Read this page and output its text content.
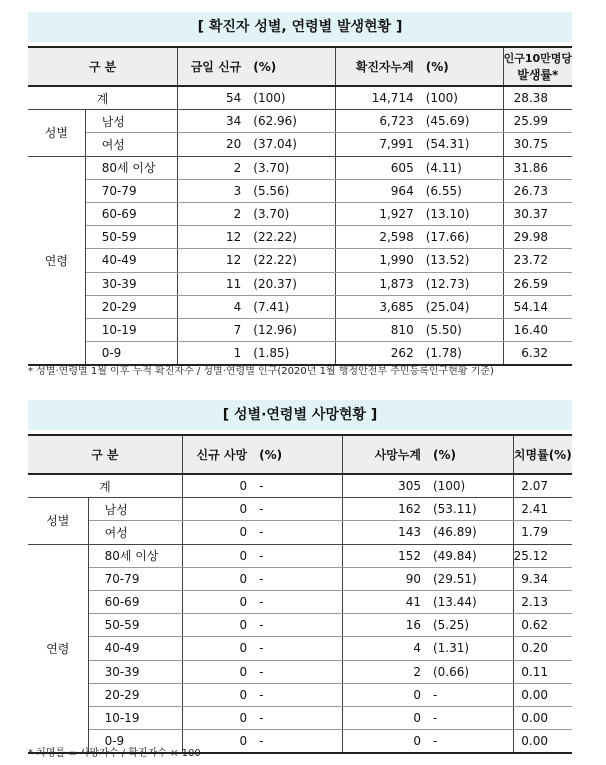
[ 확진자 성별, 연령별 발생현황 ]
구 분		금일 신규	(%)	확진자누계	(%)	인구10만명당
발생률*

계		54	(100)	14,714	(100)	28.38
성별	남성	34	(62.96)	6,723	(45.69)	25.99
	여성	20	(37.04)	7,991	(54.31)	30.75
연령	80세 이상	2	(3.70)	605	(4.11)	31.86
	70-79	3	(5.56)	964	(6.55)	26.73
	60-69	2	(3.70)	1,927	(13.10)	30.37
	50-59	12	(22.22)	2,598	(17.66)	29.98
	40-49	12	(22.22)	1,990	(13.52)	23.72
	30-39	11	(20.37)	1,873	(12.73)	26.59
	20-29	4	(7.41)	3,685	(25.04)	54.14
	10-19	7	(12.96)	810	(5.50)	16.40
	0-9	1	(1.85)	262	(1.78)	6.32
* 성별·연령별 1월 이후 누적 확진자수 / 성별·연령별 인구(2020년 1월 행정안전부 주민등록인구현황 기준)
[ 성별·연령별 사망현황 ]
구 분		신규 사망	(%)	사망누계	(%)	치명률(%)
계		0	-	305	(100)	2.07
성별	남성	0	-	162	(53.11)	2.41
	여성	0	-	143	(46.89)	1.79
연령	80세 이상	0	-	152	(49.84)	25.12
	70-79	0	-	90	(29.51)	9.34
	60-69	0	-	41	(13.44)	2.13
	50-59	0	-	16	(5.25)	0.62
	40-49	0	-	4	(1.31)	0.20
	30-39	0	-	2	(0.66)	0.11
	20-29	0	-	0	-	0.00
	10-19	0	-	0	-	0.00
	0-9	0	-	0	-	0.00
* 치명률 = 사망자수 / 확진자수 × 100
